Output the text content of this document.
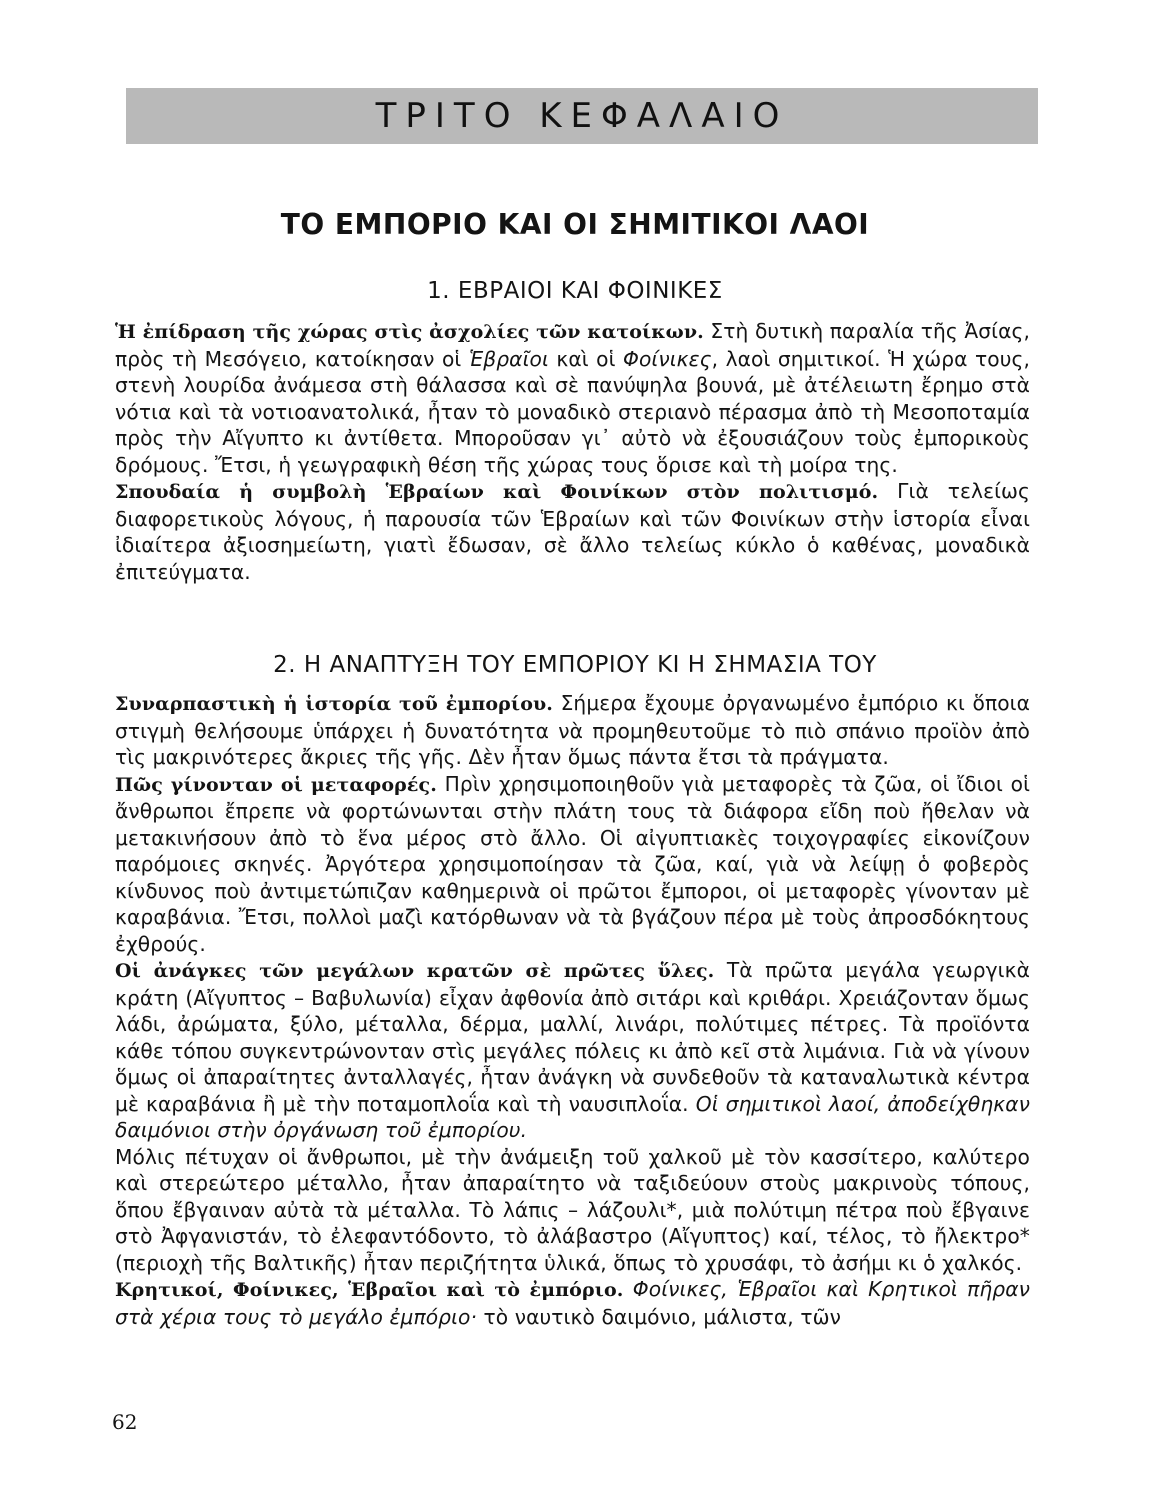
ΤΡΙΤΟ ΚΕΦΑΛΑΙΟ
ΤΟ ΕΜΠΟΡΙΟ ΚΑΙ ΟΙ ΣΗΜΙΤΙΚΟΙ ΛΑΟΙ
1. ΕΒΡΑΙΟΙ ΚΑΙ ΦΟΙΝΙΚΕΣ

Ἡ ἐπίδραση τῆς χώρας στὶς ἀσχολίες τῶν κατοίκων. Στὴ δυτικὴ παραλία τῆς Ἀσίας, πρὸς τὴ Μεσόγειο, κατοίκησαν οἱ Ἑβραῖοι καὶ οἱ Φοίνικες, λαοὶ σημιτικοί. Ἡ χώρα τους, στενὴ λουρίδα ἀνάμεσα στὴ θάλασσα καὶ σὲ πανύψηλα βουνά, μὲ ἀτέλειωτη ἔρημο στὰ νότια καὶ τὰ νοτιοανατολικά, ἦταν τὸ μοναδικὸ στεριανὸ πέρασμα ἀπὸ τὴ Μεσοποταμία πρὸς τὴν Αἴγυπτο κι ἀντίθετα. Μποροῦσαν γι᾿ αὐτὸ νὰ ἐξουσιάζουν τοὺς ἐμπορικοὺς δρόμους. Ἔτσι, ἡ γεωγραφικὴ θέση τῆς χώρας τους ὅρισε καὶ τὴ μοίρα της.

Σπουδαία ἡ συμβολὴ Ἑβραίων καὶ Φοινίκων στὸν πολιτισμό. Γιὰ τελείως διαφορετικοὺς λόγους, ἡ παρουσία τῶν Ἑβραίων καὶ τῶν Φοινίκων στὴν ἱστορία εἶναι ἰδιαίτερα ἀξιοσημείωτη, γιατὶ ἔδωσαν, σὲ ἄλλο τελείως κύκλο ὁ καθένας, μοναδικὰ ἐπιτεύγματα.

2. Η ΑΝΑΠΤΥΞΗ ΤΟΥ ΕΜΠΟΡΙΟΥ ΚΙ Η ΣΗΜΑΣΙΑ ΤΟΥ

Συναρπαστικὴ ἡ ἱστορία τοῦ ἐμπορίου. Σήμερα ἔχουμε ὀργανωμένο ἐμπόριο κι ὅποια στιγμὴ θελήσουμε ὑπάρχει ἡ δυνατότητα νὰ προμηθευτοῦμε τὸ πιὸ σπάνιο προϊὸν ἀπὸ τὶς μακρινότερες ἄκριες τῆς γῆς. Δὲν ἦταν ὅμως πάντα ἔτσι τὰ πράγματα.

Πῶς γίνονταν οἱ μεταφορές. Πρὶν χρησιμοποιηθοῦν γιὰ μεταφορὲς τὰ ζῶα, οἱ ἴδιοι οἱ ἄνθρωποι ἔπρεπε νὰ φορτώνωνται στὴν πλάτη τους τὰ διάφορα εἴδη ποὺ ἤθελαν νὰ μετακινήσουν ἀπὸ τὸ ἕνα μέρος στὸ ἄλλο. Οἱ αἰγυπτιακὲς τοιχογραφίες εἰκονίζουν παρόμοιες σκηνές. Ἀργότερα χρησιμοποίησαν τὰ ζῶα, καί, γιὰ νὰ λείψῃ ὁ φοβερὸς κίνδυνος ποὺ ἀντιμετώπιζαν καθημερινὰ οἱ πρῶτοι ἔμποροι, οἱ μεταφορὲς γίνονταν μὲ καραβάνια. Ἔτσι, πολλοὶ μαζὶ κατόρθωναν νὰ τὰ βγάζουν πέρα μὲ τοὺς ἀπροσδόκητους ἐχθρούς.

Οἱ ἀνάγκες τῶν μεγάλων κρατῶν σὲ πρῶτες ὕλες. Τὰ πρῶτα μεγάλα γεωργικὰ κράτη (Αἴγυπτος – Βαβυλωνία) εἶχαν ἀφθονία ἀπὸ σιτάρι καὶ κριθάρι. Χρειάζονταν ὅμως λάδι, ἀρώματα, ξύλο, μέταλλα, δέρμα, μαλλί, λινάρι, πολύτιμες πέτρες. Τὰ προϊόντα κάθε τόπου συγκεντρώνονταν στὶς μεγάλες πόλεις κι ἀπὸ κεῖ στὰ λιμάνια. Γιὰ νὰ γίνουν ὅμως οἱ ἀπαραίτητες ἀνταλλαγές, ἦταν ἀνάγκη νὰ συνδεθοῦν τὰ καταναλωτικὰ κέντρα μὲ καραβάνια ἢ μὲ τὴν ποταμοπλοΐα καὶ τὴ ναυσιπλοΐα. Οἱ σημιτικοὶ λαοί, ἀποδείχθηκαν δαιμόνιοι στὴν ὀργάνωση τοῦ ἐμπορίου.

Μόλις πέτυχαν οἱ ἄνθρωποι, μὲ τὴν ἀνάμειξη τοῦ χαλκοῦ μὲ τὸν κασσίτερο, καλύτερο καὶ στερεώτερο μέταλλο, ἦταν ἀπαραίτητο νὰ ταξιδεύουν στοὺς μακρινοὺς τόπους, ὅπου ἔβγαιναν αὐτὰ τὰ μέταλλα. Τὸ λάπις – λάζουλι*, μιὰ πολύτιμη πέτρα ποὺ ἔβγαινε στὸ Ἀφγανιστάν, τὸ ἐλεφαντόδοντο, τὸ ἀλάβαστρο (Αἴγυπτος) καί, τέλος, τὸ ἤλεκτρο* (περιοχὴ τῆς Βαλτικῆς) ἦταν περιζήτητα ὑλικά, ὅπως τὸ χρυσάφι, τὸ ἀσήμι κι ὁ χαλκός.

Κρητικοί, Φοίνικες, Ἑβραῖοι καὶ τὸ ἐμπόριο. Φοίνικες, Ἑβραῖοι καὶ Κρητικοὶ πῆραν στὰ χέρια τους τὸ μεγάλο ἐμπόριο· τὸ ναυτικὸ δαιμόνιο, μάλιστα, τῶν

62
